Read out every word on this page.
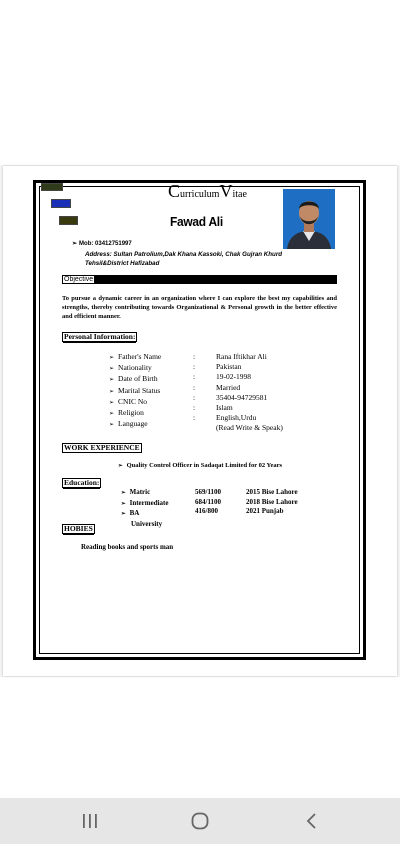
CurriculumVitae
Fawad Ali
➢ Mob: 03412751997
Address: Sultan Patrolium,Dak Khana Kassoki, Chak Gujran Khurd Tehsil&District Hafizabad
Objective
To pursue a dynamic career in an organization where I can explore the best my capabilities and strengths, thereby contributing towards Organizational & Personal growth in the better effective and efficient manner.
Personal Information:
➢ Father's Name
➢ Nationality
➢ Date of Birth
➢ Marital Status
➢ CNIC No
➢ Religion
➢ Language
:
:
:
:
:
:
:
Rana Iftikhar Ali
Pakistan
19-02-1998
Married
35404-94729581
Islam
English,Urdu
(Read Write & Speak)
WORK EXPERIENCE
➢ Quality Control Officer in Sadaqat Limited for 02 Years
Education:
➢ Matric
➢ Intermediate
➢ BA
University
569/1100
684/1100
416/800
2015 Bise Lahore
2018 Bise Lahore
2021 Punjab
HOBIES
Reading books and sports man
